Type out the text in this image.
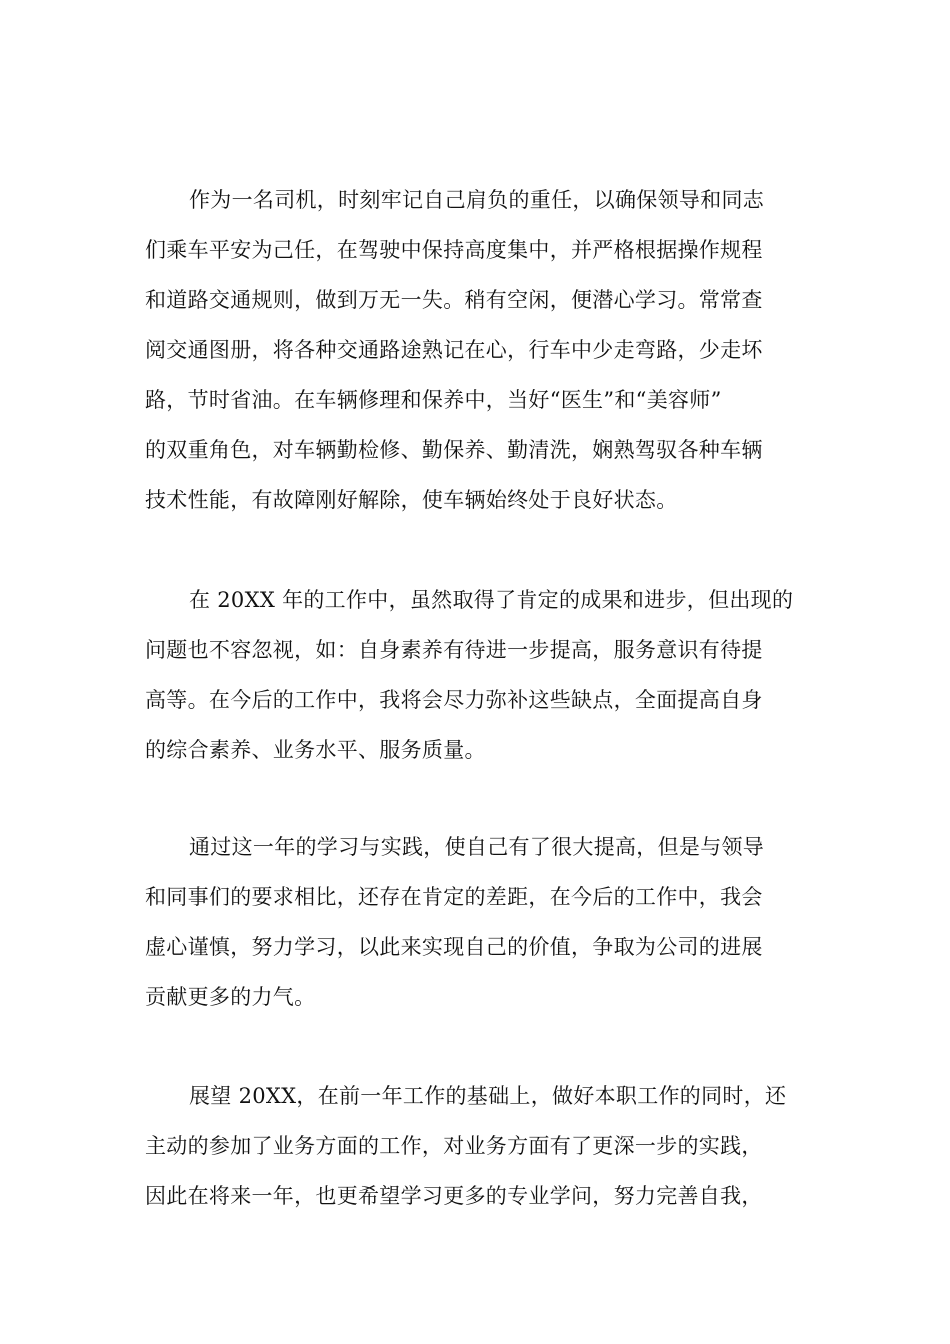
作为一名司机，时刻牢记自己肩负的重任，以确保领导和同志
们乘车平安为己任，在驾驶中保持高度集中，并严格根据操作规程
和道路交通规则，做到万无一失。稍有空闲，便潜心学习。常常查
阅交通图册，将各种交通路途熟记在心，行车中少走弯路，少走坏
路，节时省油。在车辆修理和保养中，当好“医生”和“美容师”
的双重角色，对车辆勤检修、勤保养、勤清洗，娴熟驾驭各种车辆
技术性能，有故障刚好解除，使车辆始终处于良好状态。
在 20XX 年的工作中，虽然取得了肯定的成果和进步，但出现的
问题也不容忽视，如：自身素养有待进一步提高，服务意识有待提
高等。在今后的工作中，我将会尽力弥补这些缺点，全面提高自身
的综合素养、业务水平、服务质量。
通过这一年的学习与实践，使自己有了很大提高，但是与领导
和同事们的要求相比，还存在肯定的差距，在今后的工作中，我会
虚心谨慎，努力学习，以此来实现自己的价值，争取为公司的进展
贡献更多的力气。
展望 20XX，在前一年工作的基础上，做好本职工作的同时，还
主动的参加了业务方面的工作，对业务方面有了更深一步的实践，
因此在将来一年，也更希望学习更多的专业学问，努力完善自我，
